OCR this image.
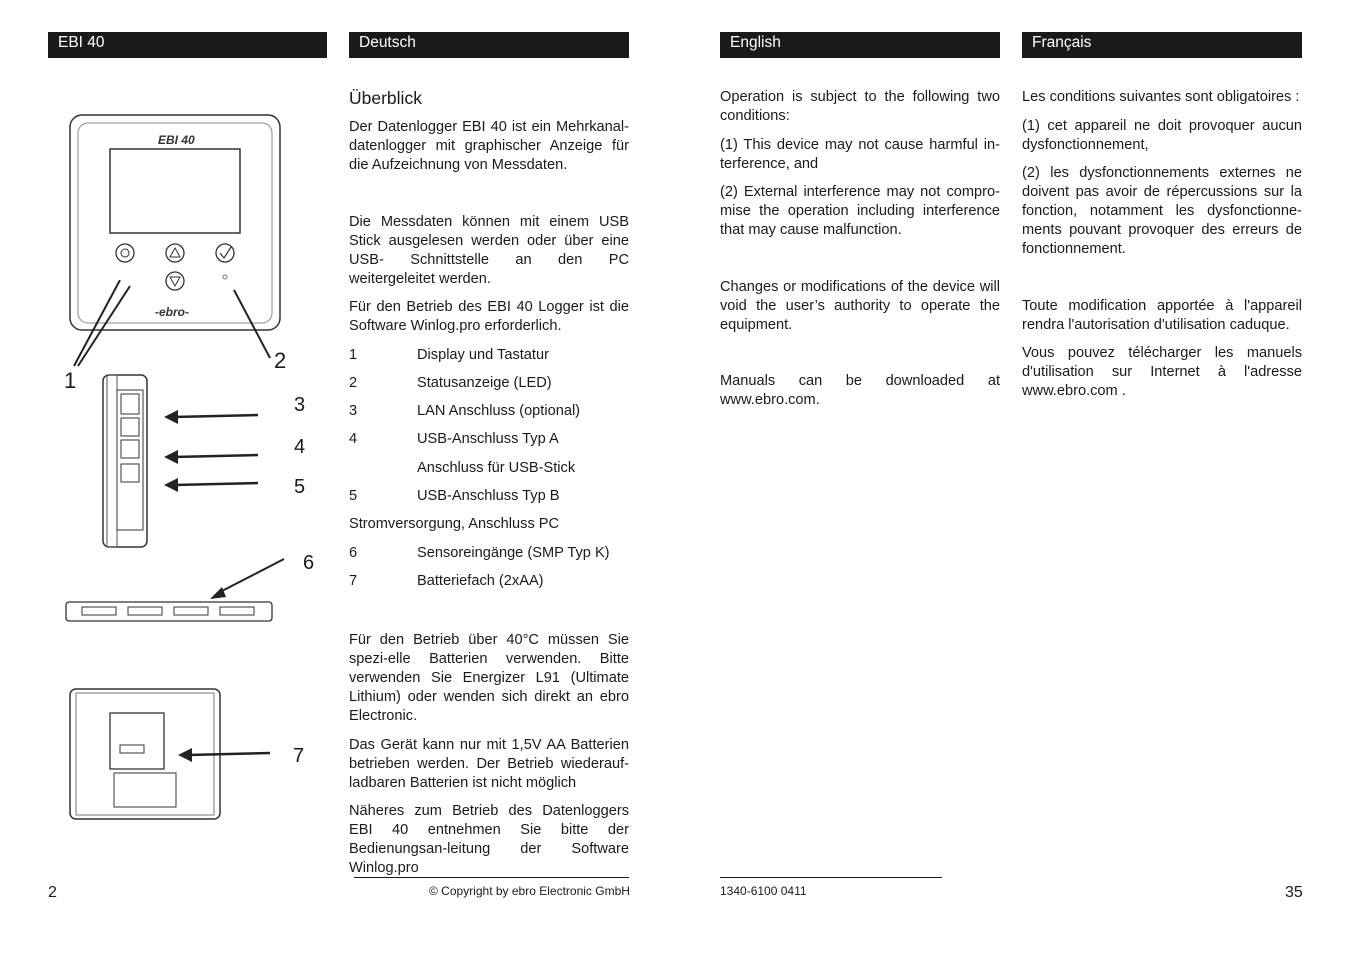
EBI 40	Deutsch	English	Français
EBI 40
-ebro-
1
2
3
4
5
6
7
Überblick

Der Datenlogger EBI 40 ist ein Mehrkanal-datenlogger mit graphischer Anzeige für die Aufzeichnung von Messdaten.

Die Messdaten können mit einem USB Stick ausgelesen werden oder über eine USB- Schnittstelle an den PC weitergeleitet werden.

Für den Betrieb des EBI 40 Logger ist die Software Winlog.pro erforderlich.

1	Display und Tastatur
2	Statusanzeige (LED)
3	LAN Anschluss (optional)
4	USB-Anschluss Typ A
Anschluss für USB-Stick
5	USB-Anschluss Typ B
Stromversorgung, Anschluss PC
6	Sensoreingänge (SMP Typ K)
7	Batteriefach (2xAA)

Für den Betrieb über 40°C müssen Sie spezi-elle Batterien verwenden. Bitte verwenden Sie Energizer L91 (Ultimate Lithium) oder wenden sich direkt an ebro Electronic.

Das Gerät kann nur mit 1,5V AA Batterien betrieben werden. Der Betrieb wiederauf-ladbaren Batterien ist nicht möglich

Näheres zum Betrieb des Datenloggers EBI 40 entnehmen Sie bitte der Bedienungsan-leitung der Software Winlog.pro

Operation is subject to the following two conditions:

(1) This device may not cause harmful in-terference, and

(2) External interference may not compro-mise the operation including interference that may cause malfunction.

Changes or modifications of the device will void the user’s authority to operate the equipment.

Manuals can be downloaded at www.ebro.com.

Les conditions suivantes sont obligatoires :

(1) cet appareil ne doit provoquer aucun dysfonctionnement,

(2) les dysfonctionnements externes ne doivent pas avoir de répercussions sur la fonction, notamment les dysfonctionne-ments pouvant provoquer des erreurs de fonctionnement.

Toute modification apportée à l'appareil rendra l'autorisation d'utilisation caduque.

Vous pouvez télécharger les manuels d'utilisation sur Internet à l'adresse www.ebro.com .

© Copyright by ebro Electronic GmbH	1340-6100 0411
2	35
